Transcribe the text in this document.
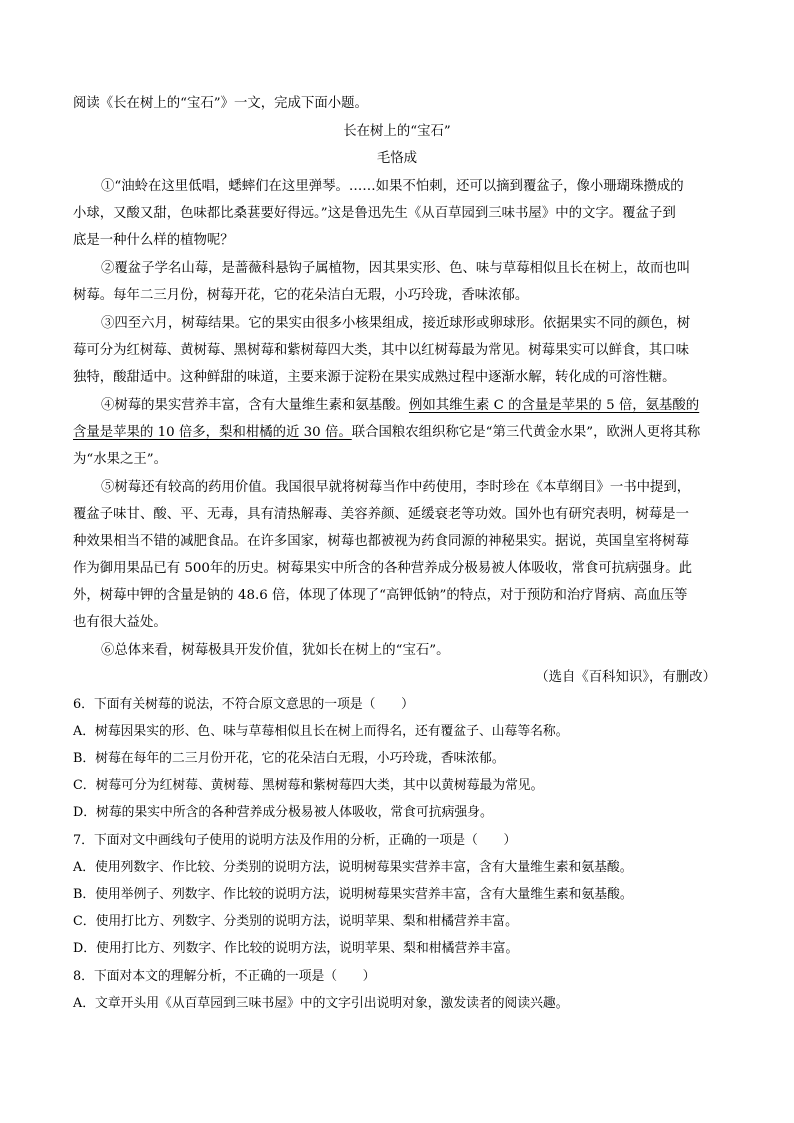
阅读《长在树上的“宝石”》一文，完成下面小题。
长在树上的“宝石”
毛恪成
①“油蛉在这里低唱，蟋蟀们在这里弹琴。……如果不怕刺，还可以摘到覆盆子，像小珊瑚珠攒成的
小球，又酸又甜，色味都比桑葚要好得远。”这是鲁迅先生《从百草园到三味书屋》中的文字。覆盆子到
底是一种什么样的植物呢？
②覆盆子学名山莓，是蔷薇科悬钩子属植物，因其果实形、色、味与草莓相似且长在树上，故而也叫
树莓。每年二三月份，树莓开花，它的花朵洁白无瑕，小巧玲珑，香味浓郁。
③四至六月，树莓结果。它的果实由很多小核果组成，接近球形或卵球形。依据果实不同的颜色，树
莓可分为红树莓、黄树莓、黑树莓和紫树莓四大类，其中以红树莓最为常见。树莓果实可以鲜食，其口味
独特，酸甜适中。这种鲜甜的味道，主要来源于淀粉在果实成熟过程中逐渐水解，转化成的可溶性糖。
④树莓的果实营养丰富，含有大量维生素和氨基酸。例如其维生素 C 的含量是苹果的 5 倍，氨基酸的
含量是苹果的 10 倍多，梨和柑橘的近 30 倍。联合国粮农组织称它是“第三代黄金水果”，欧洲人更将其称
为“水果之王”。
⑤树莓还有较高的药用价值。我国很早就将树莓当作中药使用，李时珍在《本草纲目》一书中提到，
覆盆子味甘、酸、平、无毒，具有清热解毒、美容养颜、延缓衰老等功效。国外也有研究表明，树莓是一
种效果相当不错的减肥食品。在许多国家，树莓也都被视为药食同源的神秘果实。据说，英国皇室将树莓
作为御用果品已有 500年的历史。树莓果实中所含的各种营养成分极易被人体吸收，常食可抗病强身。此
外，树莓中钾的含量是钠的 48.6 倍，体现了体现了“高钾低钠”的特点，对于预防和治疗肾病、高血压等
也有很大益处。
⑥总体来看，树莓极具开发价值，犹如长在树上的“宝石”。
（选自《百科知识》，有删改）
6．下面有关树莓的说法，不符合原文意思的一项是（　　）
A．树莓因果实的形、色、味与草莓相似且长在树上而得名，还有覆盆子、山莓等名称。
B．树莓在每年的二三月份开花，它的花朵洁白无瑕，小巧玲珑，香味浓郁。
C．树莓可分为红树莓、黄树莓、黑树莓和紫树莓四大类，其中以黄树莓最为常见。
D．树莓的果实中所含的各种营养成分极易被人体吸收，常食可抗病强身。
7．下面对文中画线句子使用的说明方法及作用的分析，正确的一项是（　　）
A．使用列数字、作比较、分类别的说明方法，说明树莓果实营养丰富，含有大量维生素和氨基酸。
B．使用举例子、列数字、作比较的说明方法，说明树莓果实营养丰富，含有大量维生素和氨基酸。
C．使用打比方、列数字、分类别的说明方法，说明苹果、梨和柑橘营养丰富。
D．使用打比方、列数字、作比较的说明方法，说明苹果、梨和柑橘营养丰富。
8．下面对本文的理解分析，不正确的一项是（　　）
A．文章开头用《从百草园到三味书屋》中的文字引出说明对象，激发读者的阅读兴趣。
